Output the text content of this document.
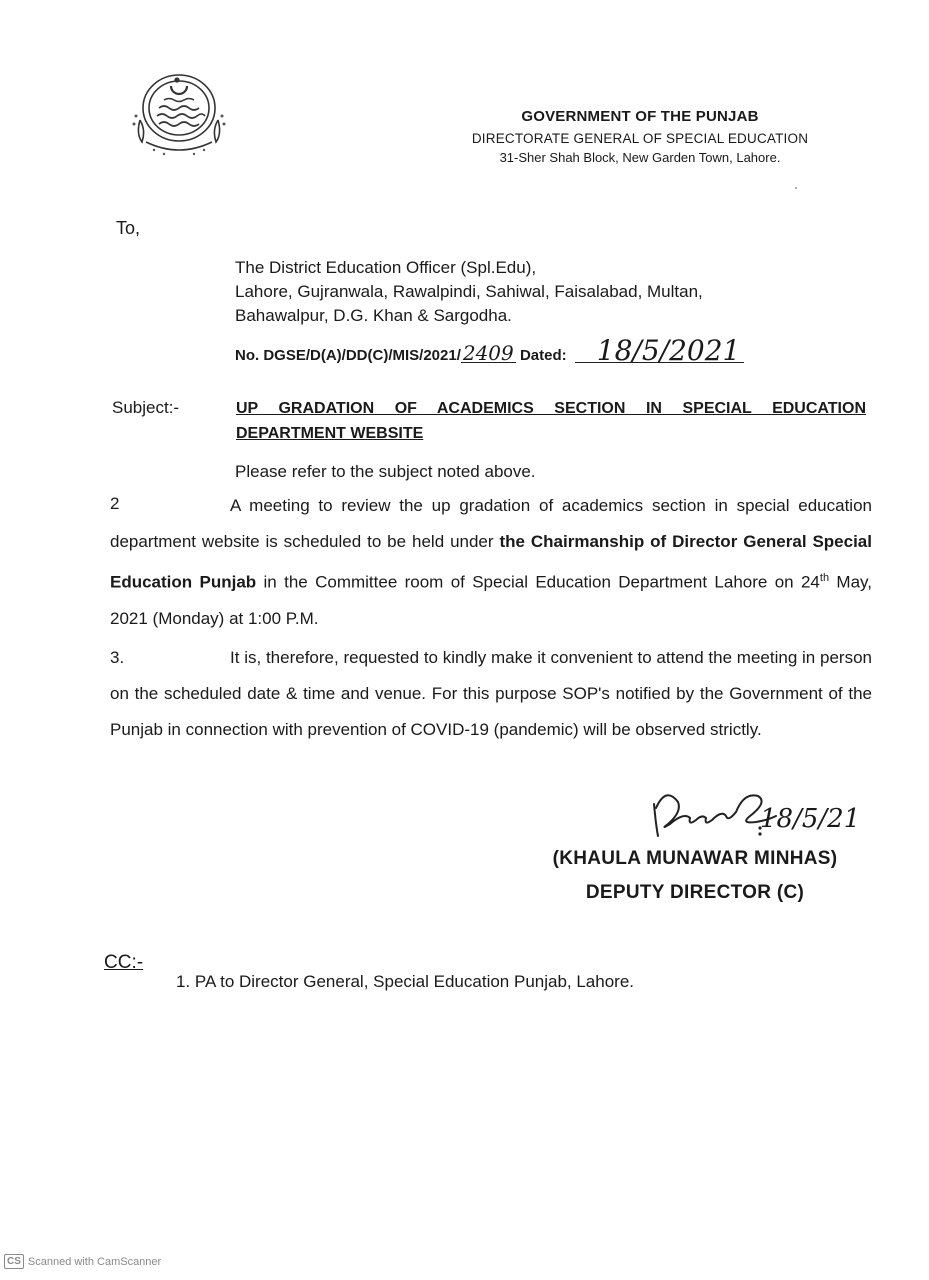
GOVERNMENT OF THE PUNJAB
DIRECTORATE GENERAL OF SPECIAL EDUCATION
31-Sher Shah Block, New Garden Town, Lahore.
To,
The District Education Officer (Spl.Edu),
Lahore, Gujranwala, Rawalpindi, Sahiwal, Faisalabad, Multan,
Bahawalpur, D.G. Khan & Sargodha.
No. DGSE/D(A)/DD(C)/MIS/2021/ 2409 Dated: 18/5/2021
Subject:-	UP GRADATION OF ACADEMICS SECTION IN SPECIAL EDUCATION
DEPARTMENT WEBSITE
Please refer to the subject noted above.
2	A meeting to review the up gradation of academics section in special education department website is scheduled to be held under the Chairmanship of Director General Special Education Punjab in the Committee room of Special Education Department Lahore on 24th May, 2021 (Monday) at 1:00 P.M.
3.	It is, therefore, requested to kindly make it convenient to attend the meeting in person on the scheduled date & time and venue. For this purpose SOP's notified by the Government of the Punjab in connection with prevention of COVID-19 (pandemic) will be observed strictly.
18/5/21
(KHAULA MUNAWAR MINHAS)
DEPUTY DIRECTOR (C)
CC:-
1. PA to Director General, Special Education Punjab, Lahore.
CS Scanned with CamScanner
